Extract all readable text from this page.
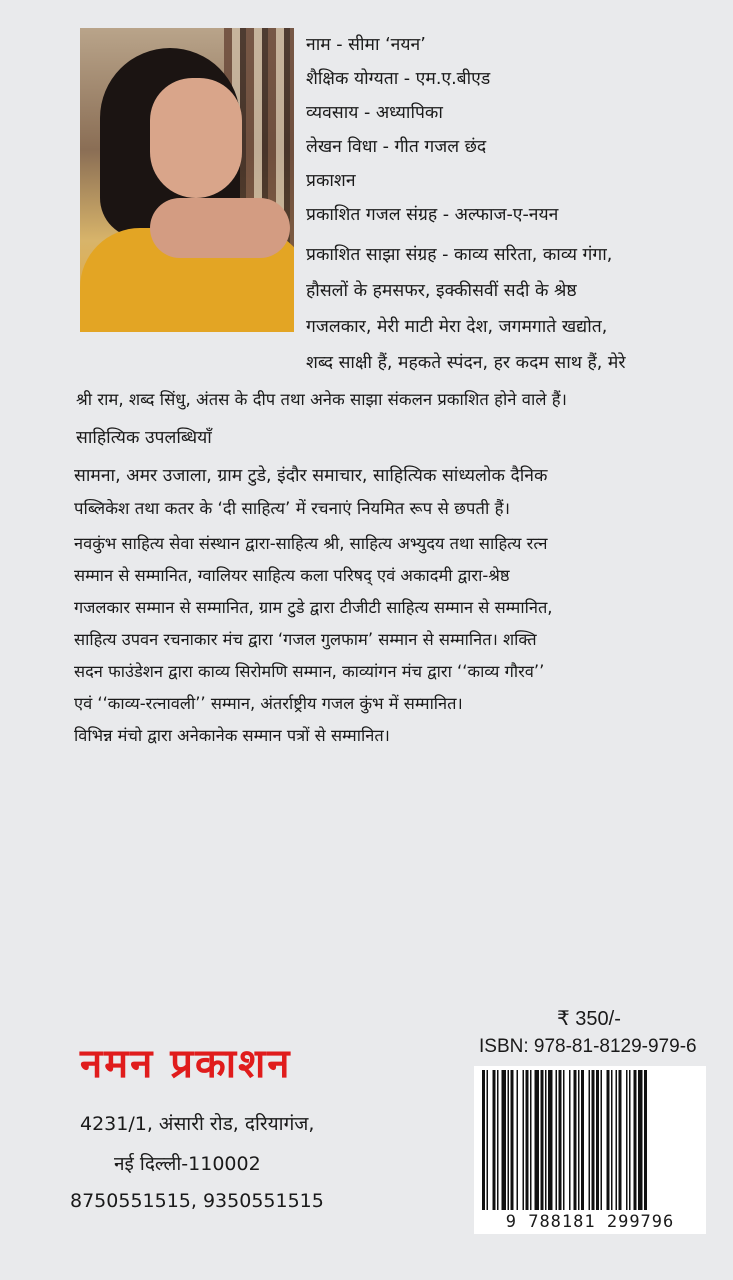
नाम - सीमा ‘नयन’
शैक्षिक योग्यता - एम.ए.बीएड
व्यवसाय - अध्यापिका
लेखन विधा - गीत गजल छंद
प्रकाशन
प्रकाशित गजल संग्रह - अल्फाज-ए-नयन
प्रकाशित साझा संग्रह - काव्य सरिता, काव्य गंगा,
हौसलों के हमसफर, इक्कीसवीं सदी के श्रेष्ठ
गजलकार, मेरी माटी मेरा देश, जगमगाते खद्योत,
शब्द साक्षी हैं, महकते स्पंदन, हर कदम साथ हैं, मेरे
श्री राम, शब्द सिंधु, अंतस के दीप तथा अनेक साझा संकलन प्रकाशित होने वाले हैं।
साहित्यिक उपलब्धियाँ
सामना, अमर उजाला, ग्राम टुडे, इंदौर समाचार, साहित्यिक सांध्यलोक दैनिक
पब्लिकेश तथा कतर के ‘दी साहित्य’ में रचनाएं नियमित रूप से छपती हैं।
नवकुंभ साहित्य सेवा संस्थान द्वारा-साहित्य श्री, साहित्य अभ्युदय तथा साहित्य रत्न
सम्मान से सम्मानित, ग्वालियर साहित्य कला परिषद् एवं अकादमी द्वारा-श्रेष्ठ
गजलकार सम्मान से सम्मानित, ग्राम टुडे द्वारा टीजीटी साहित्य सम्मान से सम्मानित,
साहित्य उपवन रचनाकार मंच द्वारा ‘गजल गुलफाम’ सम्मान से सम्मानित। शक्ति
सदन फाउंडेशन द्वारा काव्य सिरोमणि सम्मान, काव्यांगन मंच द्वारा ‘‘काव्य गौरव’’
एवं ‘‘काव्य-रत्नावली’’ सम्मान, अंतर्राष्ट्रीय गजल कुंभ में सम्मानित।
विभिन्न मंचो द्वारा अनेकानेक सम्मान पत्रों से सम्मानित।
₹ 350/-
ISBN: 978-81-8129-979-6
9 788181 299796
नमन प्रकाशन
4231/1, अंसारी रोड, दरियागंज,
नई दिल्ली-110002
8750551515, 9350551515
